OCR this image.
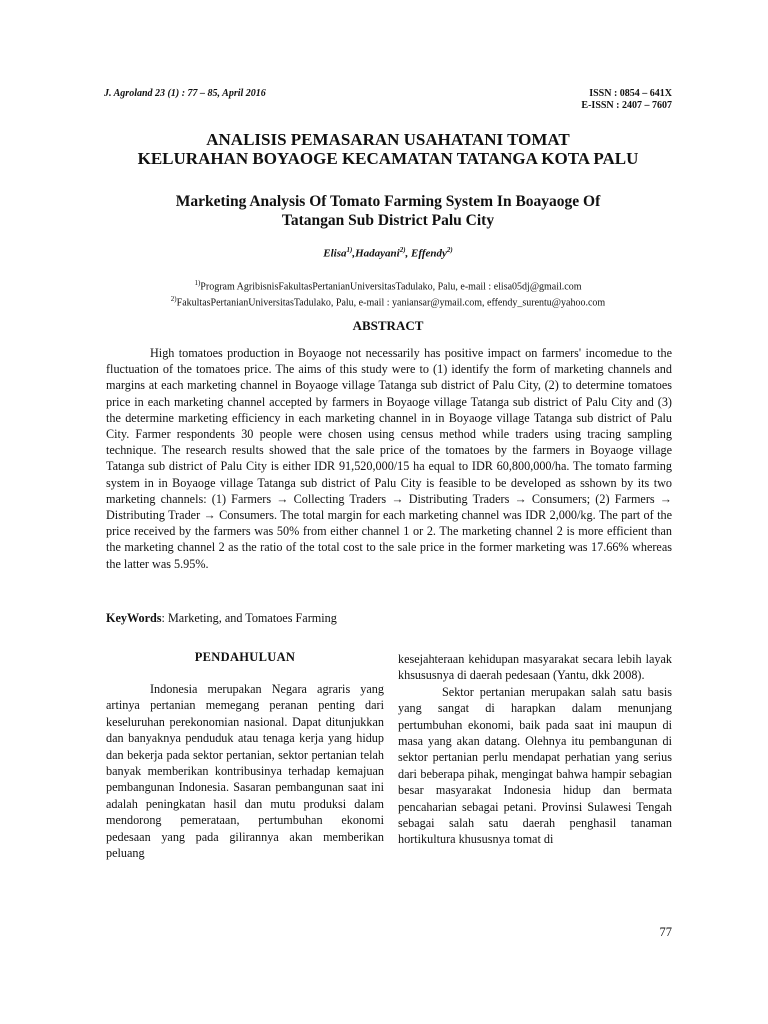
J. Agroland 23 (1) : 77 – 85, April 2016	ISSN : 0854 – 641X
E-ISSN : 2407 – 7607
ANALISIS PEMASARAN USAHATANI TOMAT
KELURAHAN BOYAOGE KECAMATAN TATANGA KOTA PALU
Marketing Analysis Of Tomato Farming System In Boayaoge Of
Tatangan Sub District Palu City
Elisa$^{1)}$,Hadayani$^{2)}$, Effendy$^{2)}$
$^{1)}$Program AgribisnisFakultasPertanianUniversitasTadulako, Palu, e-mail : elisa05dj@gmail.com
$^{2)}$FakultasPertanianUniversitasTadulako, Palu, e-mail : yaniansar@ymail.com, effendy_surentu@yahoo.com
ABSTRACT

High tomatoes production in Boyaoge not necessarily has positive impact on farmers' incomedue to the fluctuation of the tomatoes price. The aims of this study were to (1) identify the form of marketing channels and margins at each marketing channel in Boyaoge village Tatanga sub district of Palu City, (2) to determine tomatoes price in each marketing channel accepted by farmers in Boyaoge village Tatanga sub district of Palu City and (3) the determine marketing efficiency in each marketing channel in in Boyaoge village Tatanga sub district of Palu City. Farmer respondents 30 people were chosen using census method while traders using tracing sampling technique. The research results showed that the sale price of the tomatoes by the farmers in Boyaoge village Tatanga sub district of Palu City is either IDR 91,520,000/15 ha equal to IDR 60,800,000/ha. The tomato farming system in in Boyaoge village Tatanga sub district of Palu City is feasible to be developed as sshown by its two marketing channels: (1) Farmers → Collecting Traders → Distributing Traders → Consumers; (2) Farmers → Distributing Trader → Consumers. The total margin for each marketing channel was IDR 2,000/kg. The part of the price received by the farmers was 50% from either channel 1 or 2. The marketing channel 2 is more efficient than the marketing channel 2 as the ratio of the total cost to the sale price in the former marketing was 17.66% whereas the latter was 5.95%.

KeyWords: Marketing, and Tomatoes Farming
PENDAHULUAN

Indonesia merupakan Negara agraris yang artinya pertanian memegang peranan penting dari keseluruhan perekonomian nasional. Dapat ditunjukkan dan banyaknya penduduk atau tenaga kerja yang hidup dan bekerja pada sektor pertanian, sektor pertanian telah banyak memberikan kontribusinya terhadap kemajuan pembangunan Indonesia. Sasaran pembangunan saat ini adalah peningkatan hasil dan mutu produksi dalam mendorong pemerataan, pertumbuhan ekonomi pedesaan yang pada gilirannya akan memberikan peluang

kesejahteraan kehidupan masyarakat secara lebih layak khsususnya di daerah pedesaan (Yantu, dkk 2008).

Sektor pertanian merupakan salah satu basis yang sangat di harapkan dalam menunjang pertumbuhan ekonomi, baik pada saat ini maupun di masa yang akan datang. Olehnya itu pembangunan di sektor pertanian perlu mendapat perhatian yang serius dari beberapa pihak, mengingat bahwa hampir sebagian besar masyarakat Indonesia hidup dan bermata pencaharian sebagai petani. Provinsi Sulawesi Tengah sebagai salah satu daerah penghasil tanaman hortikultura khususnya tomat di

77
